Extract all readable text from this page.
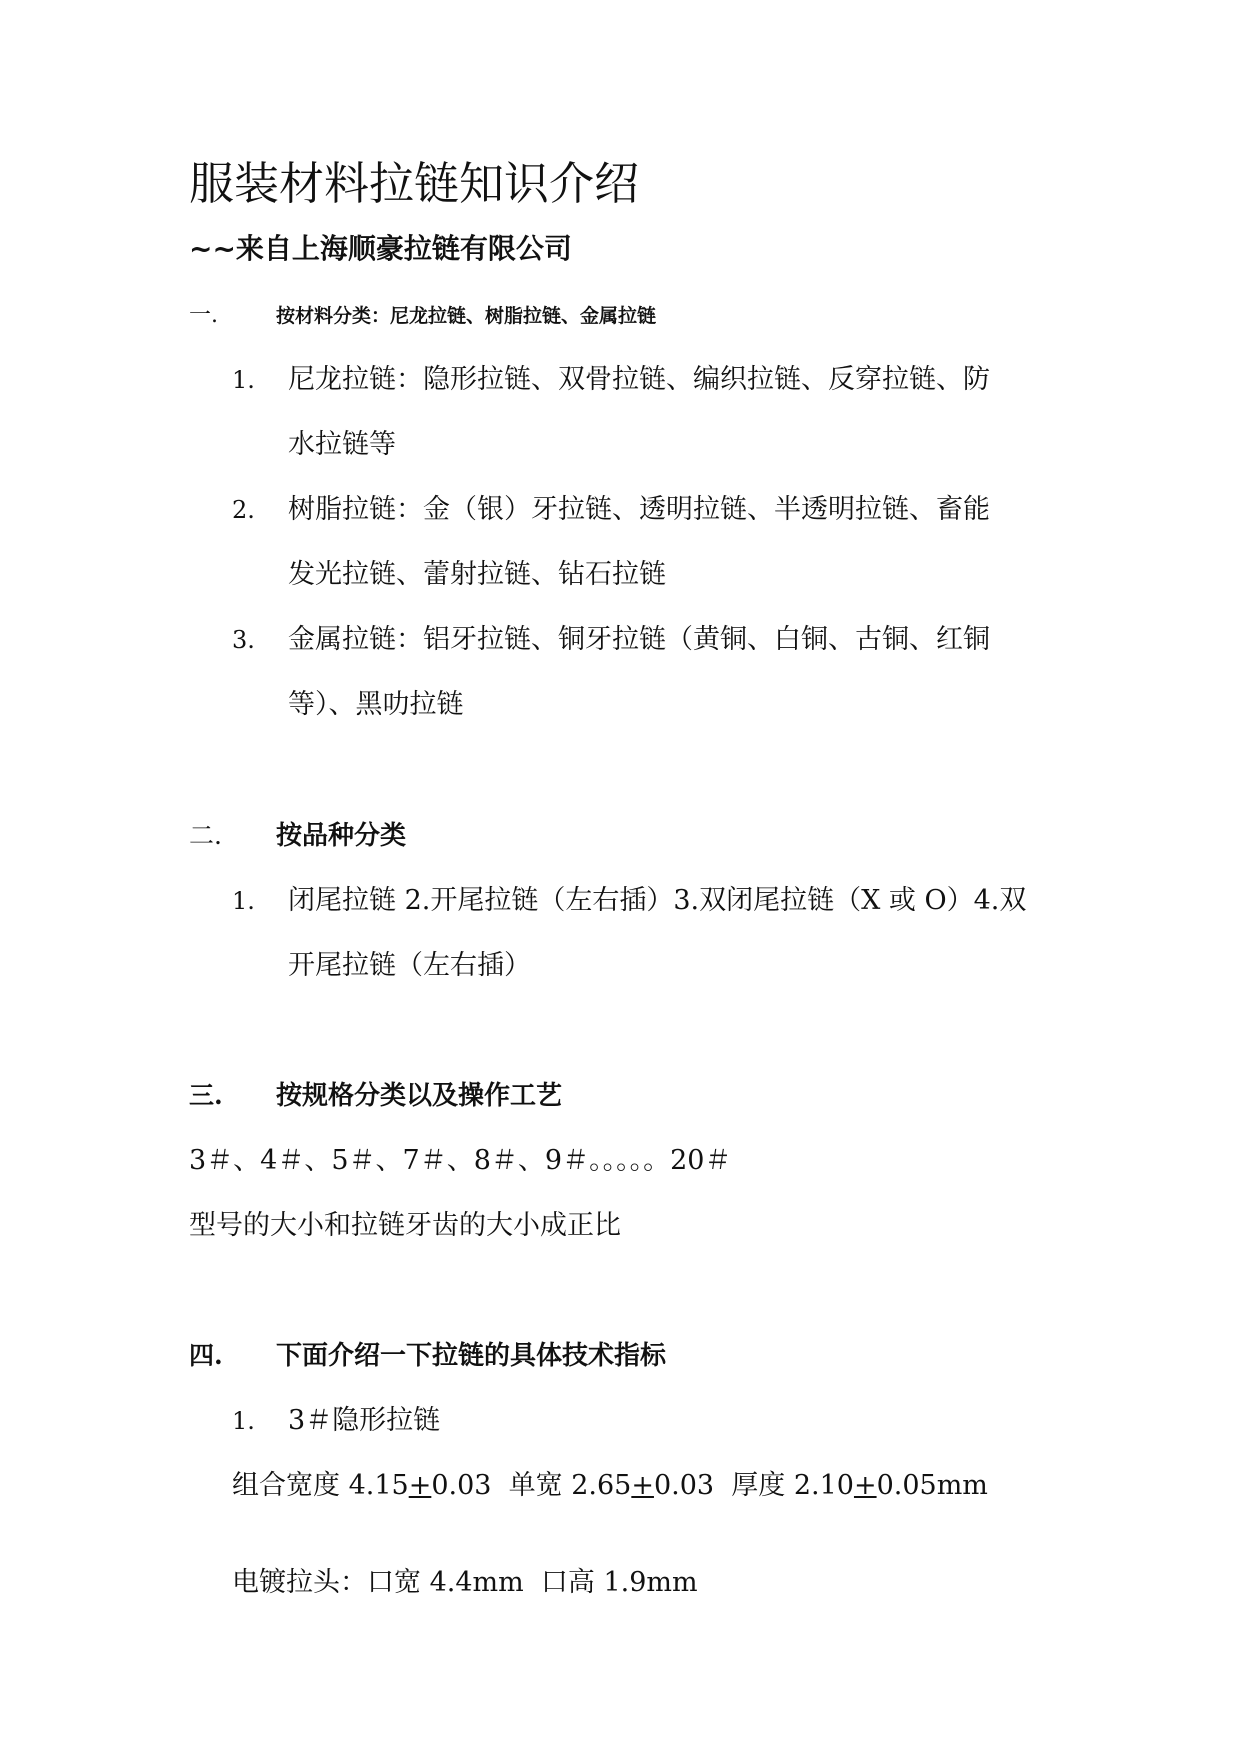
服装材料拉链知识介绍
~~来自上海顺豪拉链有限公司
一.	按材料分类：尼龙拉链、树脂拉链、金属拉链
1. 尼龙拉链：隐形拉链、双骨拉链、编织拉链、反穿拉链、防
水拉链等
2. 树脂拉链：金（银）牙拉链、透明拉链、半透明拉链、畜能
发光拉链、蕾射拉链、钻石拉链
3. 金属拉链：铝牙拉链、铜牙拉链（黄铜、白铜、古铜、红铜
等）、黑叻拉链
二. 按品种分类
1. 闭尾拉链 2.开尾拉链（左右插）3.双闭尾拉链（X 或 O）4.双
开尾拉链（左右插）
三. 按规格分类以及操作工艺
3＃、4＃、5＃、7＃、8＃、9＃。。。。。20＃
型号的大小和拉链牙齿的大小成正比
四. 下面介绍一下拉链的具体技术指标
1. 3＃隐形拉链
组合宽度 4.15+0.03  单宽 2.65+0.03  厚度 2.10+0.05mm
电镀拉头：口宽 4.4mm  口高 1.9mm
